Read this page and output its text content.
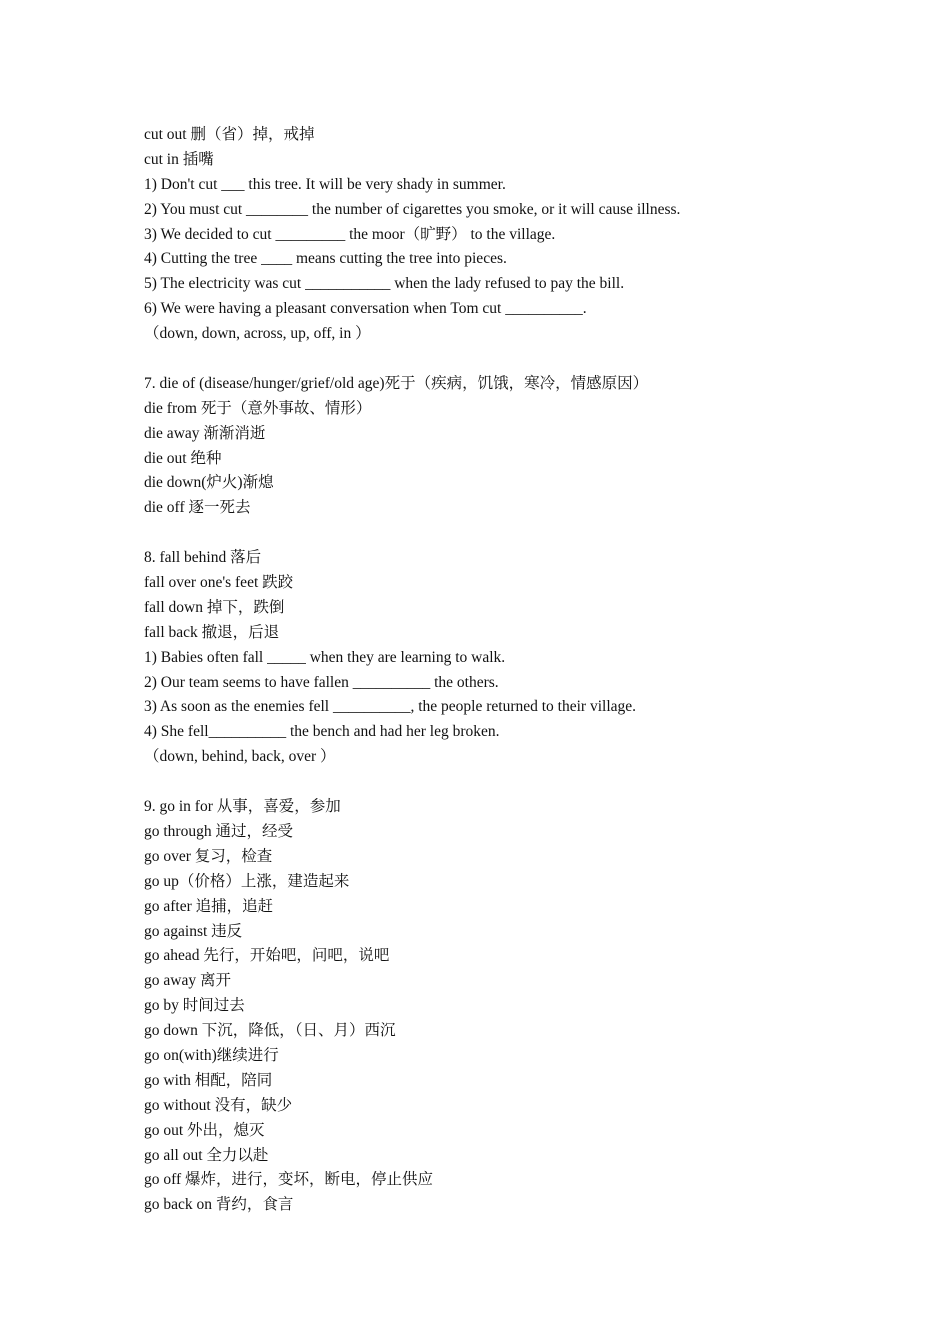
cut out 删（省）掉，戒掉
cut in 插嘴
1) Don't cut ___ this tree. It will be very shady in summer.
2) You must cut ________ the number of cigarettes you smoke, or it will cause illness.
3) We decided to cut _________ the moor（旷野） to the village.
4) Cutting the tree ____ means cutting the tree into pieces.
5) The electricity was cut ___________ when the lady refused to pay the bill.
6) We were having a pleasant conversation when Tom cut __________.
（down, down, across, up, off, in ）
7. die of (disease/hunger/grief/old age)死于（疾病，饥饿，寒冷，情感原因）
die from 死于（意外事故、情形）
die away 渐渐消逝
die out 绝种
die down(炉火)渐熄
die off 逐一死去
8. fall behind 落后
fall over one's feet 跌跤
fall down 掉下，跌倒
fall back 撤退，后退
1) Babies often fall _____ when they are learning to walk.
2) Our team seems to have fallen __________ the others.
3) As soon as the enemies fell __________, the people returned to their village.
4) She fell__________ the bench and had her leg broken.
（down, behind, back, over ）
9. go in for 从事，喜爱，参加
go through 通过，经受
go over 复习，检查
go up（价格）上涨，建造起来
go after 追捕，追赶
go against 违反
go ahead 先行，开始吧，问吧，说吧
go away 离开
go by 时间过去
go down 下沉，降低，（日、月）西沉
go on(with)继续进行
go with 相配，陪同
go without 没有，缺少
go out 外出，熄灭
go all out 全力以赴
go off 爆炸，进行，变坏，断电，停止供应
go back on 背约，食言
